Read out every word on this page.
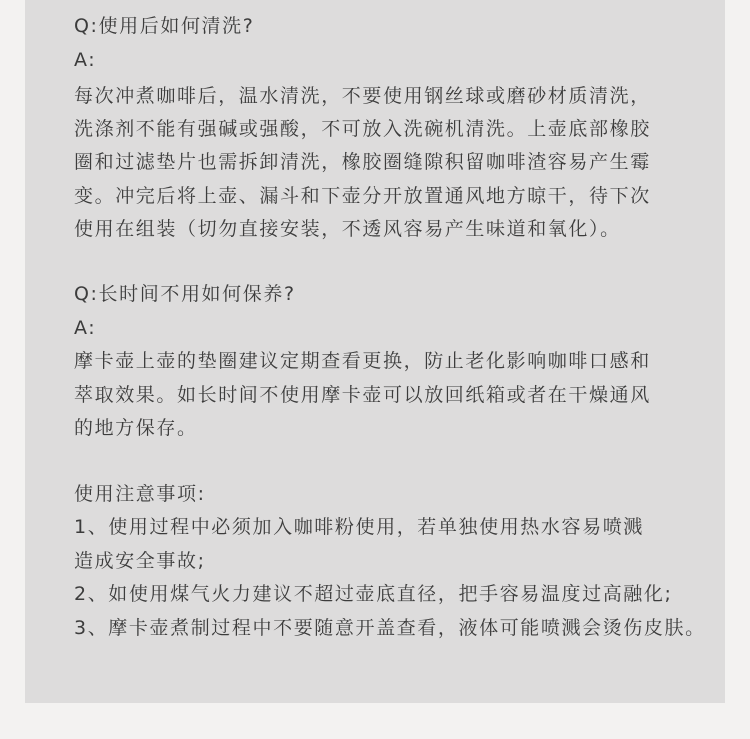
Q:使用后如何清洗?

A:

每次冲煮咖啡后，温水清洗，不要使用钢丝球或磨砂材质清洗，

洗涤剂不能有强碱或强酸，不可放入洗碗机清洗。上壶底部橡胶

圈和过滤垫片也需拆卸清洗，橡胶圈缝隙积留咖啡渣容易产生霉

变。冲完后将上壶、漏斗和下壶分开放置通风地方晾干，待下次

使用在组装（切勿直接安装，不透风容易产生味道和氧化）。

Q:长时间不用如何保养?

A:

摩卡壶上壶的垫圈建议定期查看更换，防止老化影响咖啡口感和

萃取效果。如长时间不使用摩卡壶可以放回纸箱或者在干燥通风

的地方保存。

使用注意事项:

1、使用过程中必须加入咖啡粉使用，若单独使用热水容易喷溅

造成安全事故;

2、如使用煤气火力建议不超过壶底直径，把手容易温度过高融化;

3、摩卡壶煮制过程中不要随意开盖查看，液体可能喷溅会烫伤皮肤。
